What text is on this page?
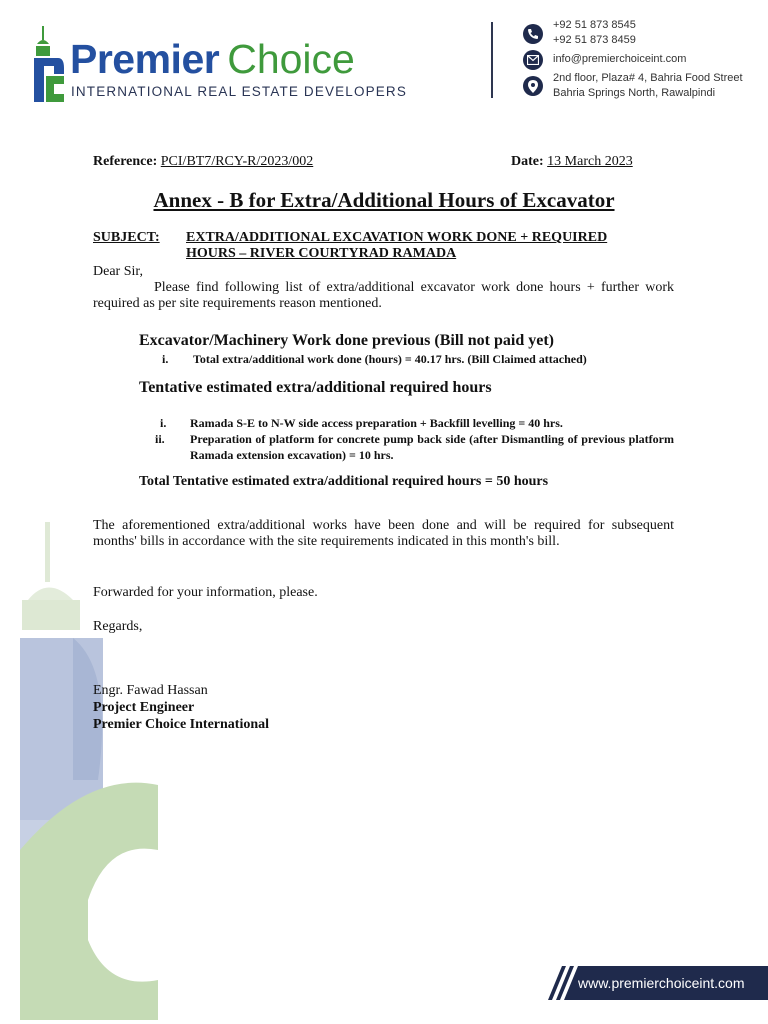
Premier Choice
INTERNATIONAL REAL ESTATE DEVELOPERS
+92 51 873 8545
+92 51 873 8459
info@premierchoiceint.com
2nd floor, Plaza# 4, Bahria Food Street
Bahria Springs North, Rawalpindi
Reference: PCI/BT7/RCY-R/2023/002	Date: 13 March 2023
Annex - B for Extra/Additional Hours of Excavator
SUBJECT: EXTRA/ADDITIONAL EXCAVATION WORK DONE + REQUIRED
HOURS – RIVER COURTYRAD RAMADA
Dear Sir,
Please find following list of extra/additional excavator work done hours + further work required as per site requirements reason mentioned.
Excavator/Machinery Work done previous (Bill not paid yet)
i. Total extra/additional work done (hours) = 40.17 hrs. (Bill Claimed attached)
Tentative estimated extra/additional required hours
i. Ramada S-E to N-W side access preparation + Backfill levelling = 40 hrs.
ii. Preparation of platform for concrete pump back side (after Dismantling of previous platform Ramada extension excavation) = 10 hrs.
Total Tentative estimated extra/additional required hours = 50 hours
The aforementioned extra/additional works have been done and will be required for subsequent months' bills in accordance with the site requirements indicated in this month's bill.
Forwarded for your information, please.
Regards,
Engr. Fawad Hassan
Project Engineer
Premier Choice International
www.premierchoiceint.com
